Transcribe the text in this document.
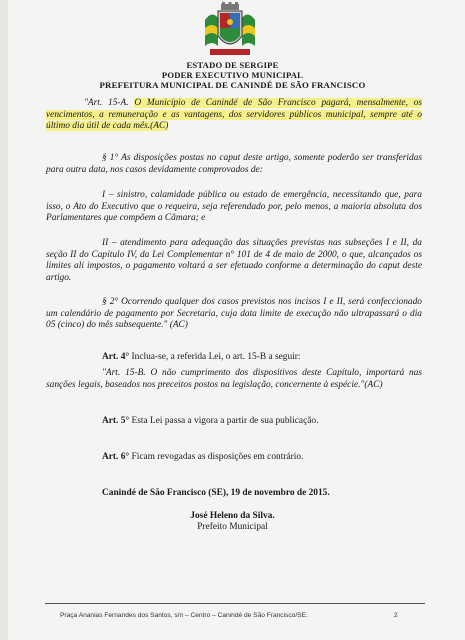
ESTADO DE SERGIPE
PODER EXECUTIVO MUNICIPAL
PREFEITURA MUNICIPAL DE CANINDÉ DE SÃO FRANCISCO

"Art. 15-A. O Município de Canindé de São Francisco pagará, mensalmente, os vencimentos, a remuneração e as vantagens, dos servidores públicos municipal, sempre até o último dia útil de cada mês.(AC)

§ 1° As disposições postas no caput deste artigo, somente poderão ser transferidas para outra data, nos casos devidamente comprovados de:

I – sinistro, calamidade pública ou estado de emergência, necessitando que, para isso, o Ato do Executivo que o requeira, seja referendado por, pelo menos, a maioria absoluta dos Parlamentares que compõem a Câmara; e

II – atendimento para adequação das situações previstas nas subseções I e II, da seção II do Capítulo IV, da Lei Complementar n° 101 de 4 de maio de 2000, o que, alcançados os limites ali impostos, o pagamento voltará a ser efetuado conforme a determinação do caput deste artigo.

§ 2° Ocorrendo qualquer dos casos previstos nos incisos I e II, será confeccionado um calendário de pagamento por Secretaria, cuja data limite de execução não ultrapassará o dia 05 (cinco) do mês subsequente." (AC)

Art. 4° Inclua-se, a referida Lei, o art. 15-B a seguir:

"Art. 15-B. O não cumprimento dos dispositivos deste Capítulo, importará nas sanções legais, baseados nos preceitos postos na legislação, concernente à espécie."(AC)

Art. 5° Esta Lei passa a vigora a partir de sua publicação.

Art. 6° Ficam revogadas as disposições em contrário.

Canindé de São Francisco (SE), 19 de novembro de 2015.

José Heleno da Silva.
Prefeito Municipal
Praça Ananias Fernandes dos Santos, s/n – Centro – Canindé de São Francisco/SE.	2
